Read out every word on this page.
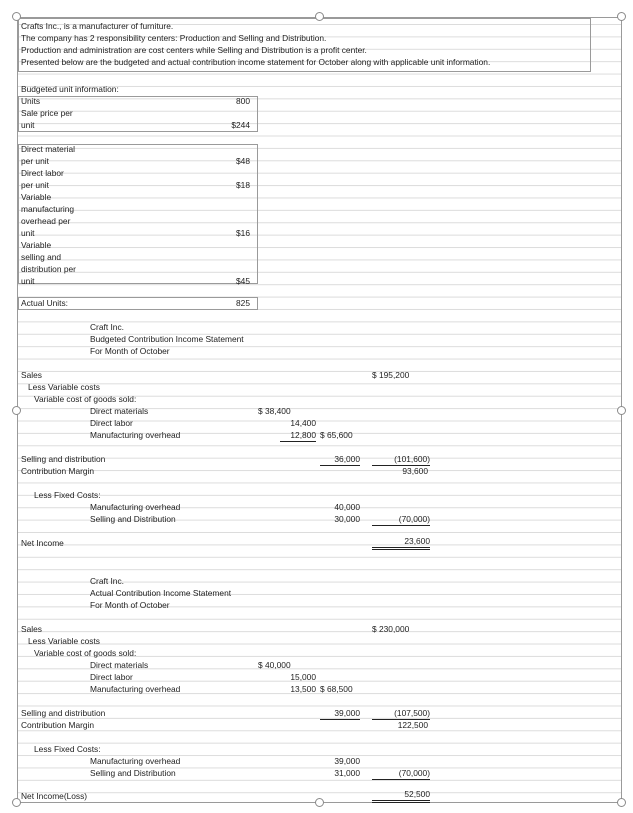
Crafts Inc., is a manufacturer of furniture.
The company has 2 responsibility centers: Production and Selling and Distribution.
Production and administration are cost centers while Selling and Distribution is a profit center.
Presented below are the budgeted and actual contribution income statement for October along with applicable unit information.
Budgeted unit information:
Units	800
Sale price per
unit	$244
Direct material
per unit	$48
Direct labor
per unit	$18
Variable
manufacturing
overhead per
unit	$16
Variable
selling and
distribution per
unit	$45
Actual Units:	825
Craft Inc.
Budgeted Contribution Income Statement
For Month of October
Sales	$ 195,200
Less Variable costs
Variable cost of goods sold:
Direct materials	$ 38,400
Direct labor	14,400
Manufacturing overhead	12,800 $ 65,600
Selling and distribution	36,000	(101,600)
Contribution Margin	93,600
Less Fixed Costs:
Manufacturing overhead	40,000
Selling and Distribution	30,000	(70,000)
Net Income	23,600
Craft Inc.
Actual Contribution Income Statement
For Month of October
Sales	$ 230,000
Less Variable costs
Variable cost of goods sold:
Direct materials	$ 40,000
Direct labor	15,000
Manufacturing overhead	13,500 $ 68,500
Selling and distribution	39,000	(107,500)
Contribution Margin	122,500
Less Fixed Costs:
Manufacturing overhead	39,000
Selling and Distribution	31,000	(70,000)
Net Income(Loss)	52,500
